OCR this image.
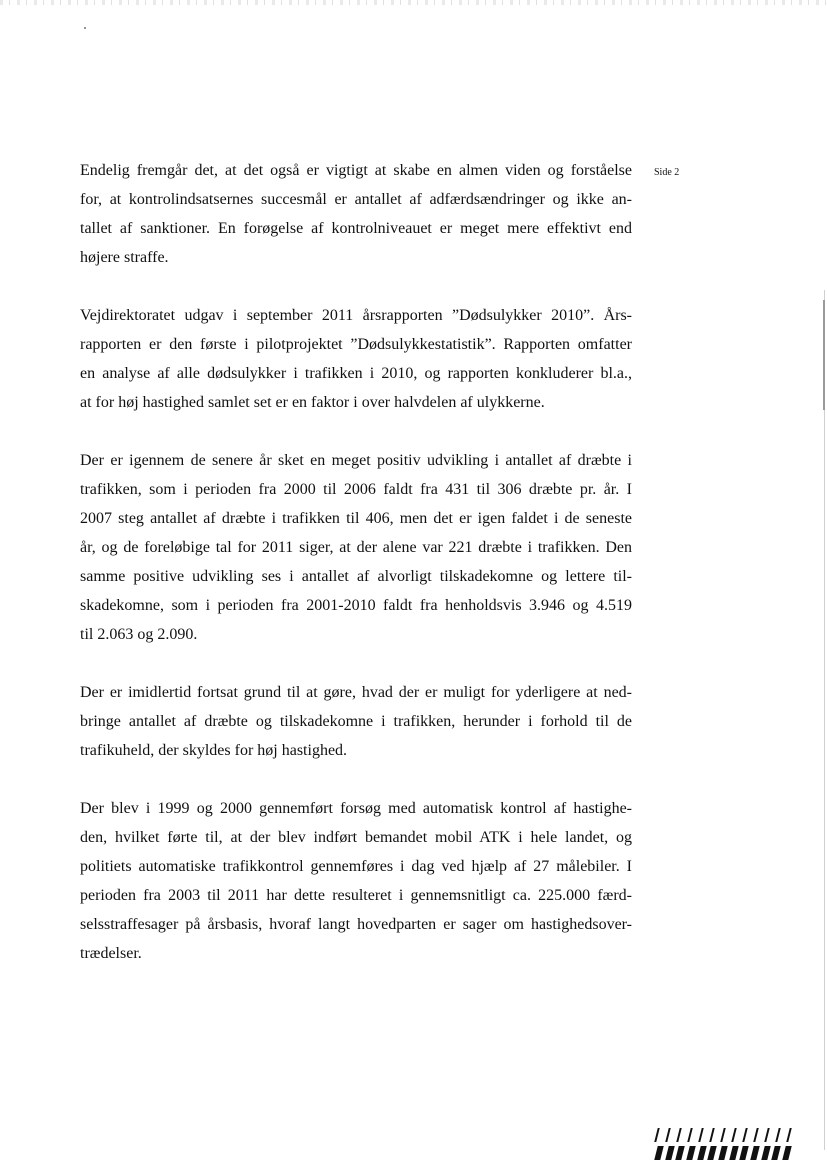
Side 2

Endelig fremgår det, at det også er vigtigt at skabe en almen viden og forståelse
for, at kontrolindsatsernes succesmål er antallet af adfærdsændringer og ikke an-
tallet af sanktioner. En forøgelse af kontrolniveauet er meget mere effektivt end
højere straffe.

Vejdirektoratet udgav i september 2011 årsrapporten ”Dødsulykker 2010”. Års-
rapporten er den første i pilotprojektet ”Dødsulykkestatistik”. Rapporten omfatter
en analyse af alle dødsulykker i trafikken i 2010, og rapporten konkluderer bl.a.,
at for høj hastighed samlet set er en faktor i over halvdelen af ulykkerne.

Der er igennem de senere år sket en meget positiv udvikling i antallet af dræbte i
trafikken, som i perioden fra 2000 til 2006 faldt fra 431 til 306 dræbte pr. år. I
2007 steg antallet af dræbte i trafikken til 406, men det er igen faldet i de seneste
år, og de foreløbige tal for 2011 siger, at der alene var 221 dræbte i trafikken. Den
samme positive udvikling ses i antallet af alvorligt tilskadekomne og lettere til-
skadekomne, som i perioden fra 2001-2010 faldt fra henholdsvis 3.946 og 4.519
til 2.063 og 2.090.

Der er imidlertid fortsat grund til at gøre, hvad der er muligt for yderligere at ned-
bringe antallet af dræbte og tilskadekomne i trafikken, herunder i forhold til de
trafikuheld, der skyldes for høj hastighed.

Der blev i 1999 og 2000 gennemført forsøg med automatisk kontrol af hastighe-
den, hvilket førte til, at der blev indført bemandet mobil ATK i hele landet, og
politiets automatiske trafikkontrol gennemføres i dag ved hjælp af 27 målebiler. I
perioden fra 2003 til 2011 har dette resulteret i gennemsnitligt ca. 225.000 færd-
selsstraffesager på årsbasis, hvoraf langt hovedparten er sager om hastighedsover-
trædelser.
